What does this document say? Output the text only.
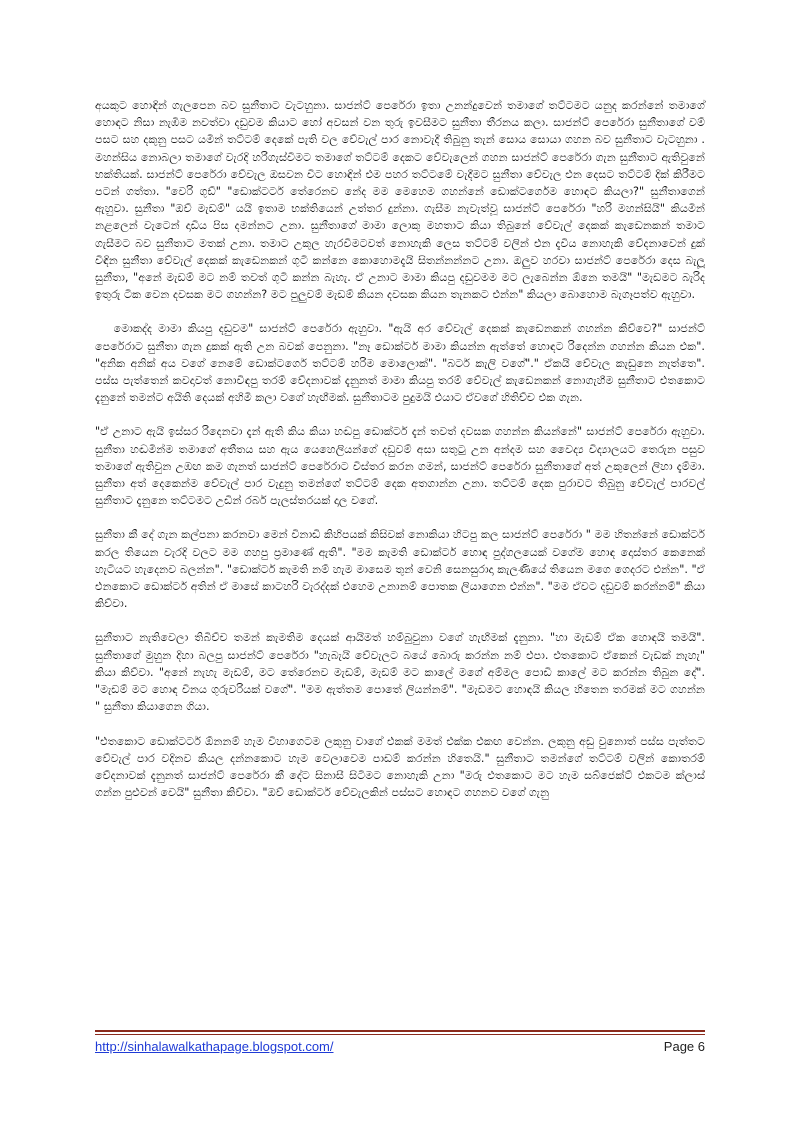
අයකුට හොඳින් ගැලපෙන බව සුනීතාට වැටහුනා. සාජන්ට් පෙරේරා ඉතා උනන්දුවෙන් තමාගේ තට්ටමට යනුද කරන්නේ තමාගේ හොඳට නිසා නැඹීම නවත්වා දඩුවම කියාට හෝ අවසන් වන තුරු ඉවසීමට සුනීතා තීරනය කලා. සාජන්ට් පෙරේරා සුනීතාගේ වම් පසට සහ දකුනු පසට යමින් තට්ටම් දෙකේ පැති වල වේවැල් පාර නොවැදී තිබුනු තැන් සොය සොයා ගහන බව සුනීතාට වැටහුනා . මහන්සිය නොබලා තමාගේ වැරදි හරිගැස්වීමට තමාගේ තට්ටම් දෙකට වේවැලෙන් ගහන සාජන්ට් පෙරේරා ගැන සුනීතාට ඇතිවුනේ භක්තියක්. සාජන්ට් පෙරේරා වේවැල ඔසවන විට හොඳින් එම පහර තට්ටමේ වැදීමට සුනීතා වේවැල එන දෙසට තට්ටම් දික් කිරීමට පටන් ගත්තා. "වෙරි ගුඩ්" "ඩොක්ටර්ට තේරෙනව නේද මම මෙහෙම ගහන්නේ ඩොක්ටර්ගෙම හොඳට කියලා?" සුනීතාගෙන් ඇහුවා. සුනීතා "ඔව් මැඩම්" යයි ඉතාම භක්තියෙන් උත්තර දුන්නා. ගැසීම නැවැත්වූ සාජන්ට් පෙරේරා "හරි මහන්සියි" කියමින් නළලෙන් වැටෙන් දාඩිය පිස දමන්නට උනා. සුනීතාගේ මාමා ලොකු මහතාට කියා තිබුනේ වේවැල් දෙකක් කැඩෙනකන් තමාට ගැසීමට බව සුනීතාට මතක් උනා. තමාට උකුල හැරවීමටවත් නොහැකි ලෙස තට්ටම් වලින් එන දැවිය නොහැකි වේදනාවෙන් දුක් විඳින සුනීතා වේවැල් දෙකක් කැඩෙනකන් ගුටි කන්නෙ කොහොමදැයි සිතන්නන්නට උනා. ඔලුව හරවා සාජන්ට් පෙරේරා දෙස බැලූ සුනීතා, "අනේ මැඩම් මට නම් තවත් ගුටි කන්න බැහැ. ඒ උනාට මාමා කියපු දඩුවමම මට ලැබෙන්න ඕනෙ තමයි" "මැඩමට බැරිද ඉතුරු ටික වෙන දවසක මට ගහන්න? මට පුලුවම් මැඩම් කියන දවසක කියන තැනකට එන්න" කියලා බොහොම බැගෑපත්ව ඇහුවා.

මොකද්ද මාමා කියපු දඩුවම" සාජන්ට් පෙරේරා ඇහුවා. "ඇයි අර වේවැල් දෙකක් කැඩෙනකන් ගහන්න කිව්වෙ?" සාජන්ට් පෙරේරාට සුනීතා ගැන දුකක් ඇති උන බවක් පෙනුනා. "නෑ ඩොක්ටර් මාමා කියන්න ඇත්තේ හොඳට රිදෙන්න ගහන්න කියන එක". "අනික අනික් අය වගේ නෙමේ ඩොක්ටර්ගෙ තට්ටම් හරිම මොලොක්". "බටර් කැලි වගේ"." ඒකයි වේවැල කැඩුනෙ නැත්තෙ". පස්ස පැත්තෙන් කවදාවත් නොවිඳපු තරම් වේදනාවක් දැනුනත් මාමා කියපු තරම් වේවැල් කැඩෙනකන් නොගැහීම සුනීතාට එතකොට දැනුනේ තමන්ට අයිති දෙයක් අහිමි කලා වගේ හැඟීමක්. සුනීතාටම පුදුමයි එයාට ඒවගේ හිතිච්ච එක ගැන.

"ඒ උනාට ඇයි ඉස්සර රිදෙනවා දැන් ඇති කිය කියා හඬපු ඩොක්ටර් දැන් තවත් දවසක ගහන්න කියන්නේ" සාජන්ට් පෙරේරා ඇහුවා. සුනීතා හඬමින්ම තමාගේ අතීතය සහ ඇය යෙහෙලියන්ගේ දඩුවම් අසා සතුටු උන අන්දම සහ වෛද්‍ය විද්‍යාලයට තෙරුන පසුව තමාගේ ඇතිවුන උඹඟ කම ගැනත් සාජන්ට් පෙරේරාට විස්තර කරන ගමන්, සාජන්ට් පෙරේරා සුනීතාගේ අත් උකුලෙන් ලිහා දැම්මා. සුනීතා අත් දෙකෙන්ම වේවැල් පාර වැදුනු තමන්ගේ තට්ටම් දෙක අතගාන්න උනා. තට්ටම් දෙක පුරාවට තිබුනු වේවැල් පාරවල් සුනීතාට දැනුනෙ තට්ටමට උඩින් රබර් පැලස්තරයක් දාල වගේ.

සුනීතා කී දේ ගැන කල්පනා කරනවා මෙන් විනාඩි කිහිපයක් කිසිවක් නොකියා හිටපු කල සාජන්ට් පෙරේරා " මම හිතන්නේ ඩොක්ටර් කරල තියෙන වැරදි වලට මම ගහපු ප්‍රමාණේ ඇති". "මම කැමති ඩොක්ටර් හොඳ පුද්ගලයෙක් වගේම හොඳ දොස්තර කෙනෙක් හැටියට හැදෙනව බලන්න". "ඩොක්ටර් කැමති නම් හැම මාසෙම තුන් වෙනි සෙනසුරාදා කැලණියේ තියෙන මගෙ ගෙදරට එන්න". "ඒ එනකොට ඩොක්ටර් අතින් ඒ මාසේ කාටහරි වැරද්දක් එහෙම උනානම් පොතක ලියාගෙන එන්න". "මම ඒවට දඩුවම් කරන්නම්" කියා කිව්වා.

සුනීතාට නැතිවෙලා තිබිච්ච තමන් කැමතිම දෙයක් ආයිමත් හම්බුවුනා වගේ හැඟීමක් දැනුනා. "හා මැඩම් ඒක හොඳයි තමයි". සුනීතාගේ මුහුන දිහා බලපු සාජන්ට් පෙරේරා "හැබැයි වේවැලට බයේ බොරු කරන්න නම් එපා. එතකොට ඒකෙන් වැඩක් නැහැ" කියා කිව්වා. "අනේ නැහැ මැඩම්, මට තේරෙනව මැඩම්, මැඩම් මට කාලේ මගේ අම්මල පොඩි කාලේ මට කරන්න තිබුන දේ". "මැඩම් මට හොඳ විනය ගුරුවරියක් වගේ". "මම ඇත්තම පොතේ ලියන්නම්". "මැඩමට හොඳයි කියල හිතෙන තරමක් මට ගහන්න " සුනීතා කියාගෙන ගියා.

"එතකොට ඩොක්ටර්ට ඕනනම් හැම විහාගෙටම ලකුනු වාගේ එකක් මමත් එක්ක එකඟ වෙන්න. ලකුනු අඩු වුනොත් පස්ස පැත්තට වේවැල් පාර වදිනව කියල දන්නකොට හැම වෙලාවෙම පාඩම් කරන්න හිතෙයි." සුනීතාට තමන්ගේ තට්ටම් වලින් කොතරම් වේදනාවක් දැනුනත් සාජන්ට් පෙරේරා කී දේට සිනාසී සිටීමට නොහැකි උනා "මරු එතකොට මට හැම සබ්ජෙක්ට් එකටම ක්ලාස් ගන්න පුළුවන් වෙයි" සුනීතා කිව්වා. "ඔව් ඩොක්ටර් වේවැලකින් පස්සට හොඳට ගහනව වගේ ගැනු

http://sinhalawalkathapage.blogspot.com/	Page 6
